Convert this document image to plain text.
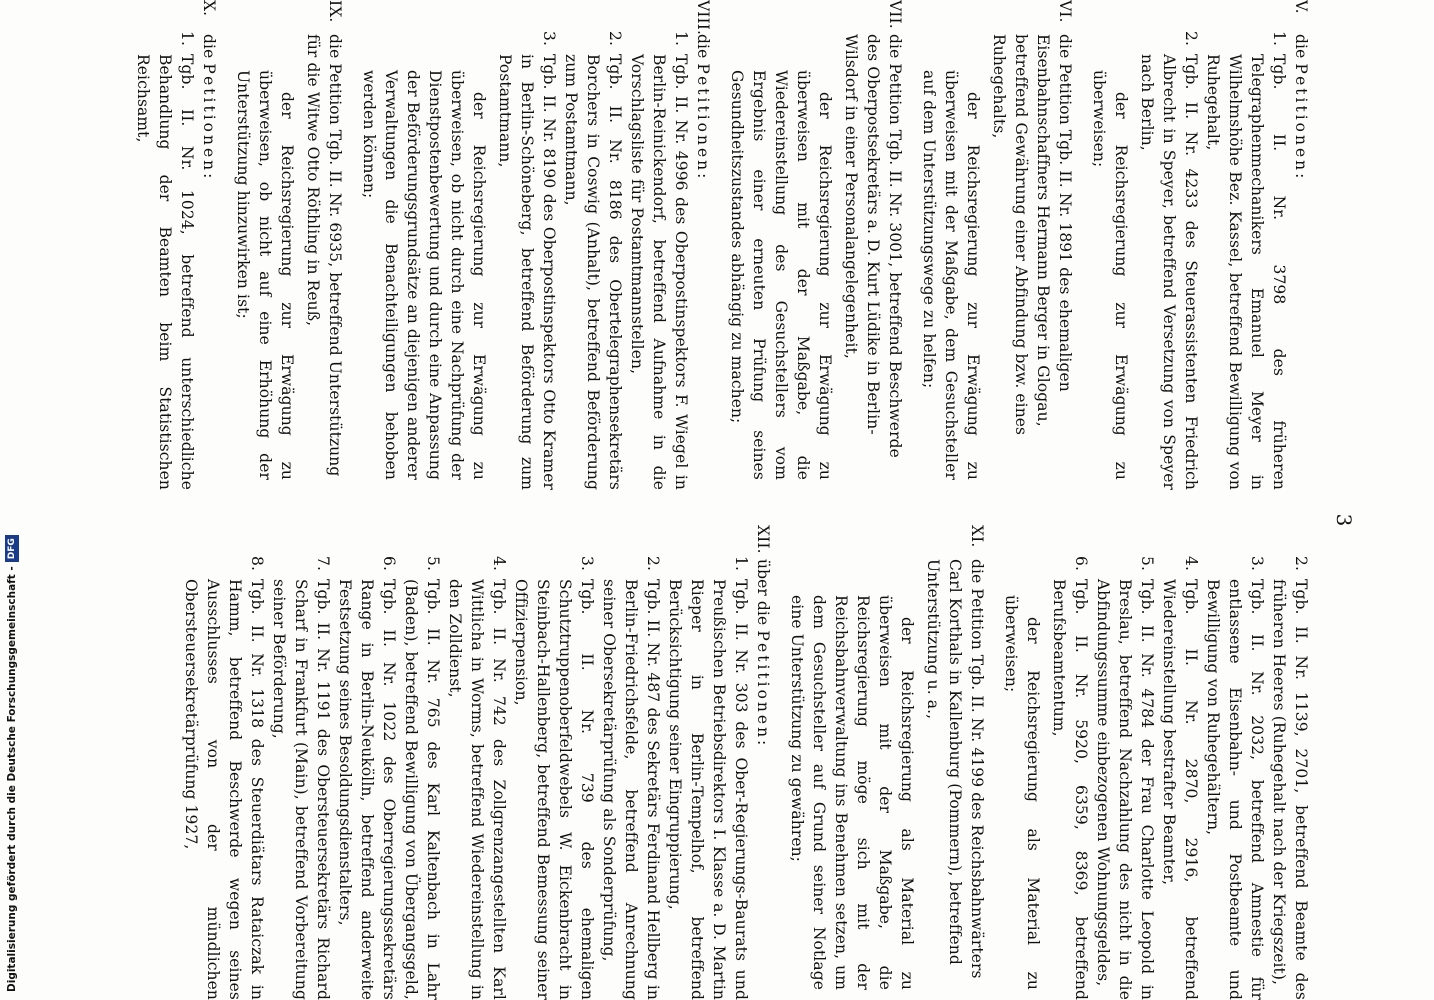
3
V.
die Petitionen:
1.
Tgb. II. Nr. 3798 des früheren Telegraphenmechanikers Emanuel Meyer in Wilhelmshöhe Bez. Kassel, betreffend Bewilligung von Ruhegehalt,
2.
Tgb. II. Nr. 4233 des Steuerassistenten Friedrich Albrecht in Speyer, betreffend Versetzung von Speyer nach Berlin,

der Reichsregierung zur Erwägung zu überweisen;

VI.
die Petition Tgb. II. Nr. 1891 des ehemaligen Eisenbahnschaffners Hermann Berger in Glogau, betreffend Gewährung einer Abfindung bzw. eines Ruhegehalts,

der Reichsregierung zur Erwägung zu überweisen mit der Maßgabe, dem Gesuchsteller auf dem Unterstützungswege zu helfen;

VII.
die Petition Tgb. II. Nr. 3001, betreffend Beschwerde des Oberpostsekretärs a. D. Kurt Lüdike in Berlin-Wilsdorf in einer Personalangelegenheit,

der Reichsregierung zur Erwägung zu überweisen mit der Maßgabe, die Wiedereinstellung des Gesuchstellers vom Ergebnis einer erneuten Prüfung seines Gesundheitszustandes abhängig zu machen;

VIII.
die Petitionen:
1.
Tgb. II. Nr. 4996 des Oberpostinspektors F. Wiegel in Berlin-Reinickendorf, betreffend Aufnahme in die Vorschlagsliste für Postamtmannstellen,
2.
Tgb. II. Nr. 8186 des Obertelegraphensekretärs Borchers in Coswig (Anhalt), betreffend Beförderung zum Postamtmann,
3.
Tgb. II. Nr. 8190 des Oberpostinspektors Otto Kramer in Berlin-Schöneberg, betreffend Beförderung zum Postamtmann,

der Reichsregierung zur Erwägung zu überweisen, ob nicht durch eine Nachprüfung der Dienstpostenbewertung und durch eine Anpassung der Beförderungsgrundsätze an diejenigen anderer Verwaltungen die Benachteiligungen behoben werden können;

IX.
die Petition Tgb. II. Nr. 6935, betreffend Unterstützung für die Witwe Otto Röthling in Reuß,

der Reichsregierung zur Erwägung zu überweisen, ob nicht auf eine Erhöhung der Unterstützung hinzuwirken ist;

X.
die Petitionen:
1.
Tgb. II. Nr. 1024, betreffend unterschiedliche Behandlung der Beamten beim Statistischen Reichsamt,
2.
Tgb. II. Nr. 1139, 2701, betreffend Beamte des früheren Heeres (Ruhegehalt nach der Kriegszeit),
3.
Tgb. II. Nr. 2032, betreffend Amnestie für entlassene Eisenbahn- und Postbeamte und Bewilligung von Ruhegehältern,
4.
Tgb. II. Nr. 2870, 2916, betreffend Wiedereinstellung bestrafter Beamter,
5.
Tgb. II. Nr. 4784 der Frau Charlotte Leopold in Breslau, betreffend Nachzahlung des nicht in die Abfindungssumme einbezogenen Wohnungsgeldes,
6.
Tgb. II. Nr. 5920, 6359, 8369, betreffend Berufsbeamtentum,

der Reichsregierung als Material zu überweisen;

XI.
die Petition Tgb. II. Nr. 4199 des Reichsbahnwärters Carl Korthals in Kallenburg (Pommern), betreffend Unterstützung u. a.,

der Reichsregierung als Material zu überweisen mit der Maßgabe, die Reichsregierung möge sich mit der Reichsbahnverwaltung ins Benehmen setzen, um dem Gesuchsteller auf Grund seiner Notlage eine Unterstützung zu gewähren;

XII.
über die Petitionen:
1.
Tgb. II. Nr. 303 des Ober-Regierungs-Baurats und Preußischen Betriebsdirektors I. Klasse a. D. Martin Rieper in Berlin-Tempelhof, betreffend Berücksichtigung seiner Eingruppierung,
2.
Tgb. II. Nr. 487 des Sekretärs Ferdinand Hellberg in Berlin-Friedrichsfelde, betreffend Anrechnung seiner Obersekretärprüfung als Sonderprüfung,
3.
Tgb. II. Nr. 739 des ehemaligen Schutztruppenoberfeldwebels W. Eickenbracht in Steinbach-Hallenberg, betreffend Bemessung seiner Offizierpension,
4.
Tgb. II. Nr. 742 des Zollgrenzangestellten Karl Wittlicha in Worms, betreffend Wiedereinstellung in den Zolldienst,
5.
Tgb. II. Nr. 765 des Karl Kaltenbach in Lahr (Baden), betreffend Bewilligung von Übergangsgeld,
6.
Tgb. II. Nr. 1022 des Oberregierungssekretärs Range in Berlin-Neukölln, betreffend anderweite Festsetzung seines Besoldungsdienstalters,
7.
Tgb. II. Nr. 1191 des Obersteuersekretärs Richard Scharf in Frankfurt (Main), betreffend Vorbereitung seiner Beförderung,
8.
Tgb. II. Nr. 1318 des Steuerdiätars Rataiczak in Hamm, betreffend Beschwerde wegen seines Ausschlusses von der mündlichen Obersteuersekretärprüfung 1927,
Digitalisierung gefördert durch die Deutsche Forschungsgemeinschaft -DFG
